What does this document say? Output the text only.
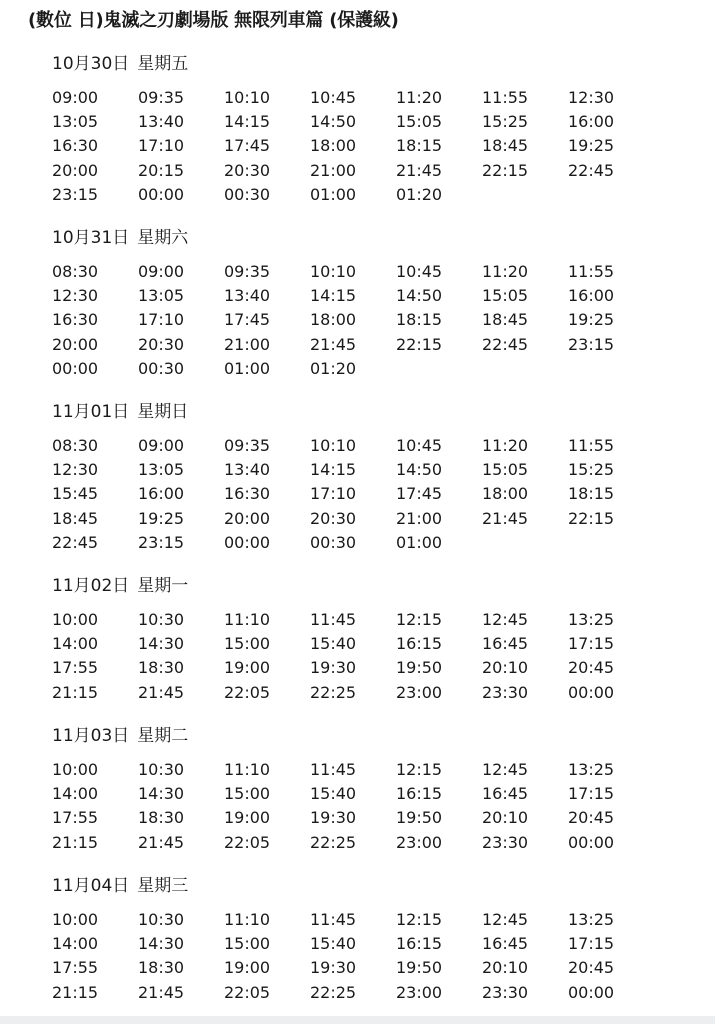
(數位 日)鬼滅之刃劇場版 無限列車篇 (保護級)
10月30日 星期五
09:00	09:35	10:10	10:45	11:20	11:55	12:30
13:05	13:40	14:15	14:50	15:05	15:25	16:00
16:30	17:10	17:45	18:00	18:15	18:45	19:25
20:00	20:15	20:30	21:00	21:45	22:15	22:45
23:15	00:00	00:30	01:00	01:20
10月31日 星期六
08:30	09:00	09:35	10:10	10:45	11:20	11:55
12:30	13:05	13:40	14:15	14:50	15:05	16:00
16:30	17:10	17:45	18:00	18:15	18:45	19:25
20:00	20:30	21:00	21:45	22:15	22:45	23:15
00:00	00:30	01:00	01:20
11月01日 星期日
08:30	09:00	09:35	10:10	10:45	11:20	11:55
12:30	13:05	13:40	14:15	14:50	15:05	15:25
15:45	16:00	16:30	17:10	17:45	18:00	18:15
18:45	19:25	20:00	20:30	21:00	21:45	22:15
22:45	23:15	00:00	00:30	01:00
11月02日 星期一
10:00	10:30	11:10	11:45	12:15	12:45	13:25
14:00	14:30	15:00	15:40	16:15	16:45	17:15
17:55	18:30	19:00	19:30	19:50	20:10	20:45
21:15	21:45	22:05	22:25	23:00	23:30	00:00
11月03日 星期二
10:00	10:30	11:10	11:45	12:15	12:45	13:25
14:00	14:30	15:00	15:40	16:15	16:45	17:15
17:55	18:30	19:00	19:30	19:50	20:10	20:45
21:15	21:45	22:05	22:25	23:00	23:30	00:00
11月04日 星期三
10:00	10:30	11:10	11:45	12:15	12:45	13:25
14:00	14:30	15:00	15:40	16:15	16:45	17:15
17:55	18:30	19:00	19:30	19:50	20:10	20:45
21:15	21:45	22:05	22:25	23:00	23:30	00:00
